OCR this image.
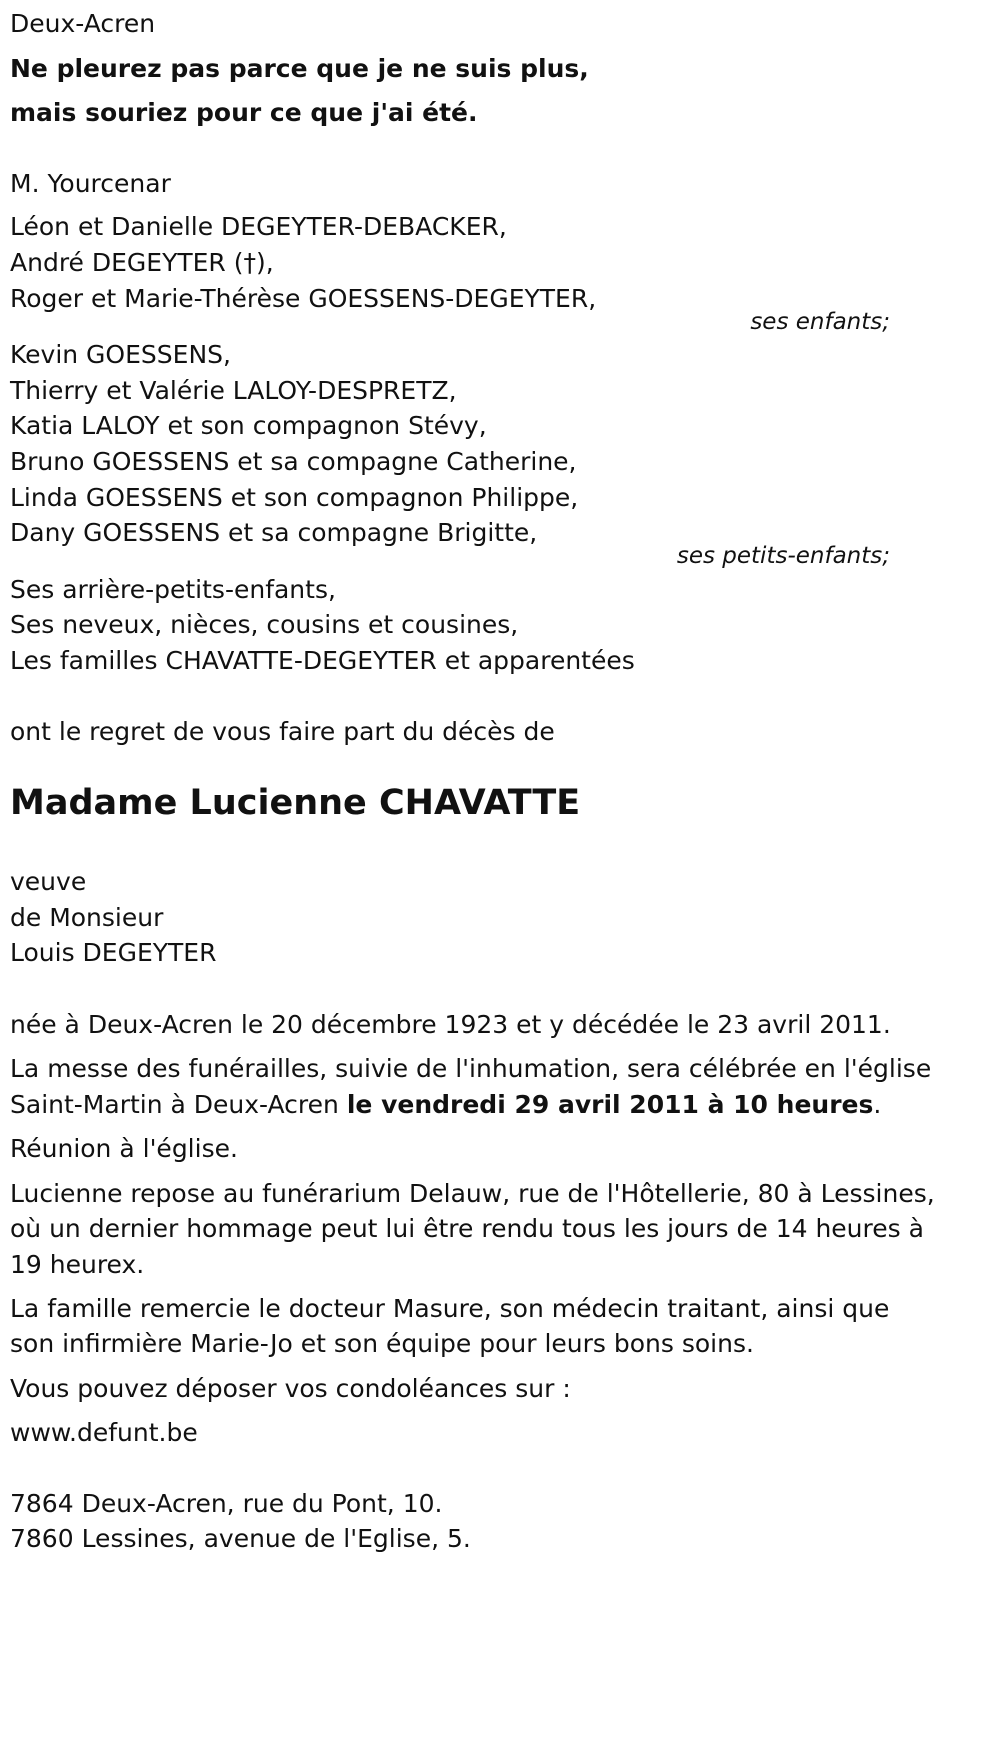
Deux-Acren
Ne pleurez pas parce que je ne suis plus,
mais souriez pour ce que j'ai été.
M. Yourcenar
Léon et Danielle DEGEYTER-DEBACKER,
André DEGEYTER (†),
Roger et Marie-Thérèse GOESSENS-DEGEYTER,
ses enfants;
Kevin GOESSENS,
Thierry et Valérie LALOY-DESPRETZ,
Katia LALOY et son compagnon Stévy,
Bruno GOESSENS et sa compagne Catherine,
Linda GOESSENS et son compagnon Philippe,
Dany GOESSENS et sa compagne Brigitte,
ses petits-enfants;
Ses arrière-petits-enfants,
Ses neveux, nièces, cousins et cousines,
Les familles CHAVATTE-DEGEYTER et apparentées
ont le regret de vous faire part du décès de
Madame Lucienne CHAVATTE
veuve
de Monsieur
Louis DEGEYTER
née à Deux-Acren le 20 décembre 1923 et y décédée le 23 avril 2011.
La messe des funérailles, suivie de l'inhumation, sera célébrée en l'église
Saint-Martin à Deux-Acren le vendredi 29 avril 2011 à 10 heures.
Réunion à l'église.
Lucienne repose au funérarium Delauw, rue de l'Hôtellerie, 80 à Lessines,
où un dernier hommage peut lui être rendu tous les jours de 14 heures à
19 heurex.
La famille remercie le docteur Masure, son médecin traitant, ainsi que
son infirmière Marie-Jo et son équipe pour leurs bons soins.
Vous pouvez déposer vos condoléances sur :
www.defunt.be
7864 Deux-Acren, rue du Pont, 10.
7860 Lessines, avenue de l'Eglise, 5.
